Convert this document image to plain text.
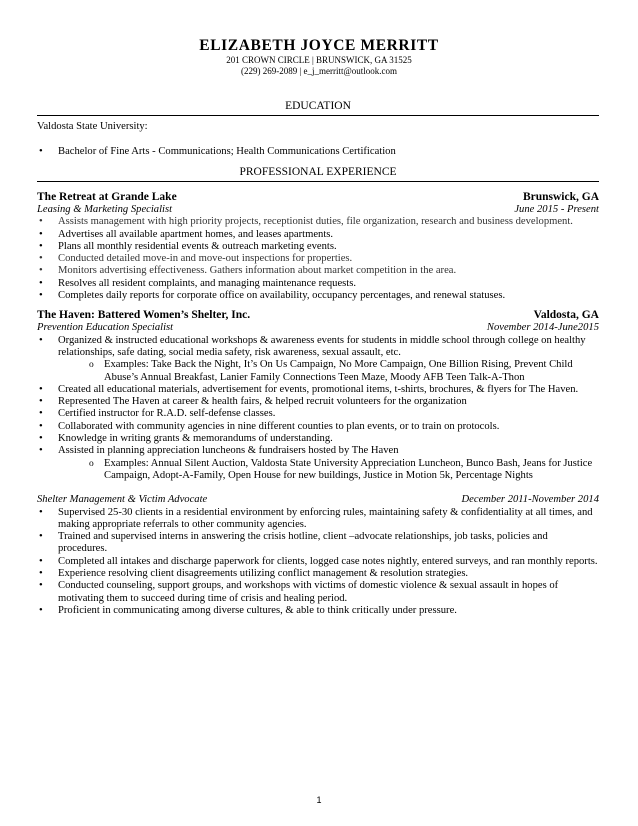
ELIZABETH JOYCE MERRITT
201 CROWN CIRCLE | BRUNSWICK, GA 31525
(229) 269-2089 | e_j_merritt@outlook.com
EDUCATION
Valdosta State University:
• Bachelor of Fine Arts - Communications; Health Communications Certification
PROFESSIONAL EXPERIENCE
The Retreat at Grande Lake	Brunswick, GA
Leasing & Marketing Specialist	June 2015 - Present
• Assists management with high priority projects, receptionist duties, file organization, research and business development.
• Advertises all available apartment homes, and leases apartments.
• Plans all monthly residential events & outreach marketing events.
• Conducted detailed move-in and move-out inspections for properties.
• Monitors advertising effectiveness. Gathers information about market competition in the area.
• Resolves all resident complaints, and managing maintenance requests.
• Completes daily reports for corporate office on availability, occupancy percentages, and renewal statuses.
The Haven: Battered Women’s Shelter, Inc.	Valdosta, GA
Prevention Education Specialist	November 2014-June2015
• Organized & instructed educational workshops & awareness events for students in middle school through college on healthy relationships, safe dating, social media safety, risk awareness, sexual assault, etc.
o Examples: Take Back the Night, It’s On Us Campaign, No More Campaign, One Billion Rising, Prevent Child Abuse’s Annual Breakfast, Lanier Family Connections Teen Maze, Moody AFB Teen Talk-A-Thon
• Created all educational materials, advertisement for events, promotional items, t-shirts, brochures, & flyers for The Haven.
• Represented The Haven at career & health fairs, & helped recruit volunteers for the organization
• Certified instructor for R.A.D. self-defense classes.
• Collaborated with community agencies in nine different counties to plan events, or to train on protocols.
• Knowledge in writing grants & memorandums of understanding.
• Assisted in planning appreciation luncheons & fundraisers hosted by The Haven
o Examples: Annual Silent Auction, Valdosta State University Appreciation Luncheon, Bunco Bash, Jeans for Justice Campaign, Adopt-A-Family, Open House for new buildings, Justice in Motion 5k, Percentage Nights
Shelter Management & Victim Advocate	December 2011-November 2014
• Supervised 25-30 clients in a residential environment by enforcing rules, maintaining safety & confidentiality at all times, and making appropriate referrals to other community agencies.
• Trained and supervised interns in answering the crisis hotline, client –advocate relationships, job tasks, policies and procedures.
• Completed all intakes and discharge paperwork for clients, logged case notes nightly, entered surveys, and ran monthly reports.
• Experience resolving client disagreements utilizing conflict management & resolution strategies.
• Conducted counseling, support groups, and workshops with victims of domestic violence & sexual assault in hopes of motivating them to succeed during time of crisis and healing period.
• Proficient in communicating among diverse cultures, & able to think critically under pressure.
1
